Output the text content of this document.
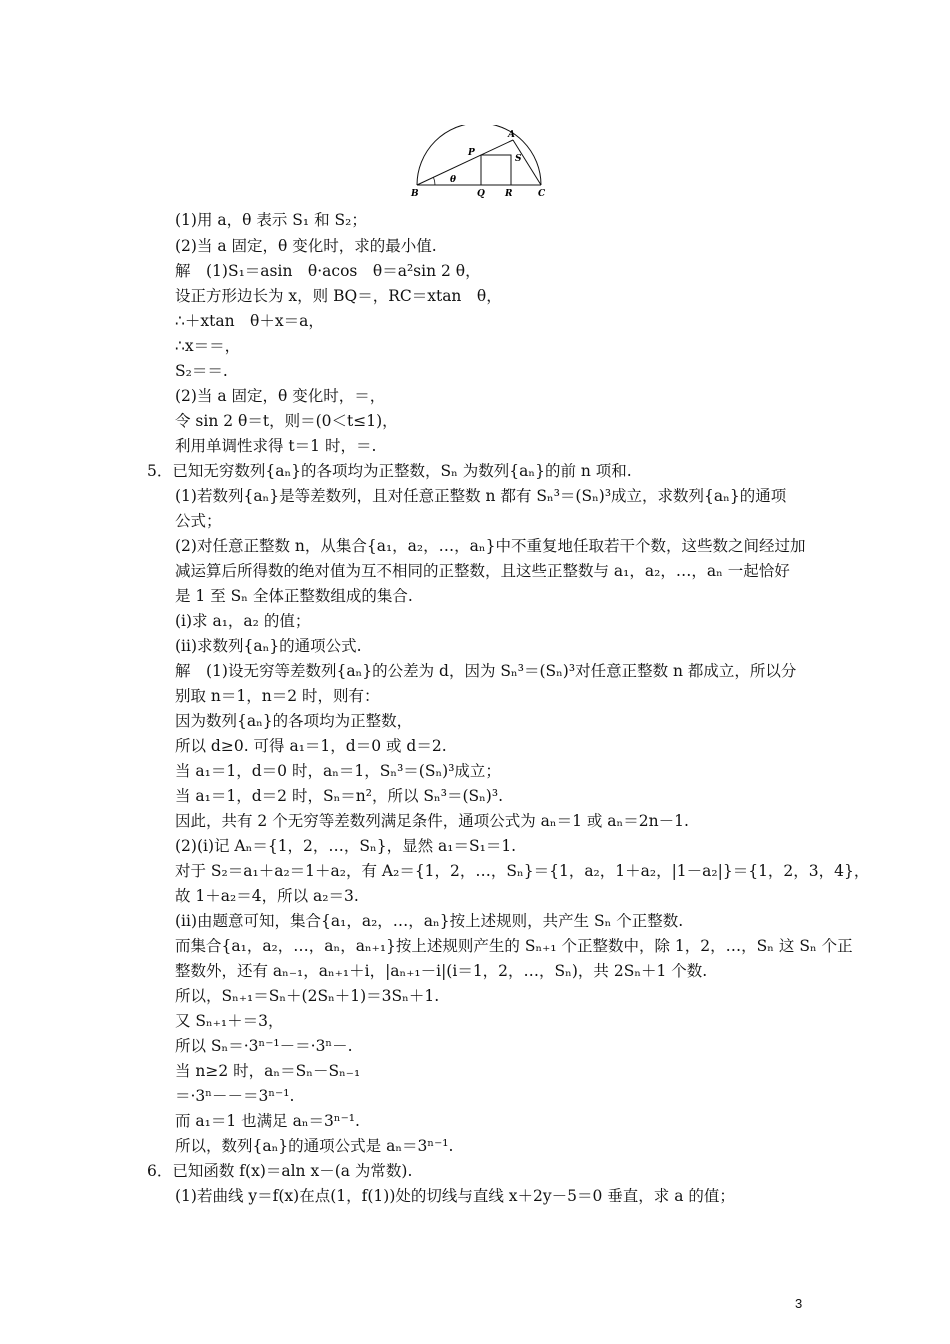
A
P
S
θ
B	Q R	C
(1)用 a，θ 表示 S₁ 和 S₂；
(2)当 a 固定，θ 变化时，求的最小值.
解　(1)S₁＝asin　θ·acos　θ＝a²sin 2 θ，
设正方形边长为 x，则 BQ＝，RC＝xtan　θ，
∴＋xtan　θ＋x＝a，
∴x＝＝，
S₂＝＝.
(2)当 a 固定，θ 变化时，＝，
令 sin 2 θ＝t，则＝(0＜t≤1)，
利用单调性求得 t＝1 时，＝.
5．已知无穷数列{aₙ}的各项均为正整数，Sₙ 为数列{aₙ}的前 n 项和.
(1)若数列{aₙ}是等差数列，且对任意正整数 n 都有 Sₙ³＝(Sₙ)³成立，求数列{aₙ}的通项
公式；
(2)对任意正整数 n，从集合{a₁，a₂，…，aₙ}中不重复地任取若干个数，这些数之间经过加
减运算后所得数的绝对值为互不相同的正整数，且这些正整数与 a₁，a₂，…，aₙ 一起恰好
是 1 至 Sₙ 全体正整数组成的集合.
(ⅰ)求 a₁，a₂ 的值；
(ⅱ)求数列{aₙ}的通项公式.
解　(1)设无穷等差数列{aₙ}的公差为 d，因为 Sₙ³＝(Sₙ)³对任意正整数 n 都成立，所以分
别取 n＝1，n＝2 时，则有：
因为数列{aₙ}的各项均为正整数，
所以 d≥0. 可得 a₁＝1，d＝0 或 d＝2.
当 a₁＝1，d＝0 时，aₙ＝1，Sₙ³＝(Sₙ)³成立；
当 a₁＝1，d＝2 时，Sₙ＝n²，所以 Sₙ³＝(Sₙ)³.
因此，共有 2 个无穷等差数列满足条件，通项公式为 aₙ＝1 或 aₙ＝2n－1.
(2)(ⅰ)记 Aₙ＝{1，2，…，Sₙ}，显然 a₁＝S₁＝1.
对于 S₂＝a₁＋a₂＝1＋a₂，有 A₂＝{1，2，…，Sₙ}＝{1，a₂，1＋a₂，|1－a₂|}＝{1，2，3，4}，
故 1＋a₂＝4，所以 a₂＝3.
(ⅱ)由题意可知，集合{a₁，a₂，…，aₙ}按上述规则，共产生 Sₙ 个正整数.
而集合{a₁，a₂，…，aₙ，aₙ₊₁}按上述规则产生的 Sₙ₊₁ 个正整数中，除 1，2，…，Sₙ 这 Sₙ 个正
整数外，还有 aₙ₋₁，aₙ₊₁＋i，|aₙ₊₁－i|(i＝1，2，…，Sₙ)，共 2Sₙ＋1 个数.
所以，Sₙ₊₁＝Sₙ＋(2Sₙ＋1)＝3Sₙ＋1.
又 Sₙ₊₁＋＝3，
所以 Sₙ＝·3ⁿ⁻¹－＝·3ⁿ－.
当 n≥2 时，aₙ＝Sₙ－Sₙ₋₁
＝·3ⁿ－－＝3ⁿ⁻¹.
而 a₁＝1 也满足 aₙ＝3ⁿ⁻¹.
所以，数列{aₙ}的通项公式是 aₙ＝3ⁿ⁻¹.
6．已知函数 f(x)＝aln x－(a 为常数).
(1)若曲线 y＝f(x)在点(1，f(1))处的切线与直线 x＋2y－5＝0 垂直，求 a 的值；
3
